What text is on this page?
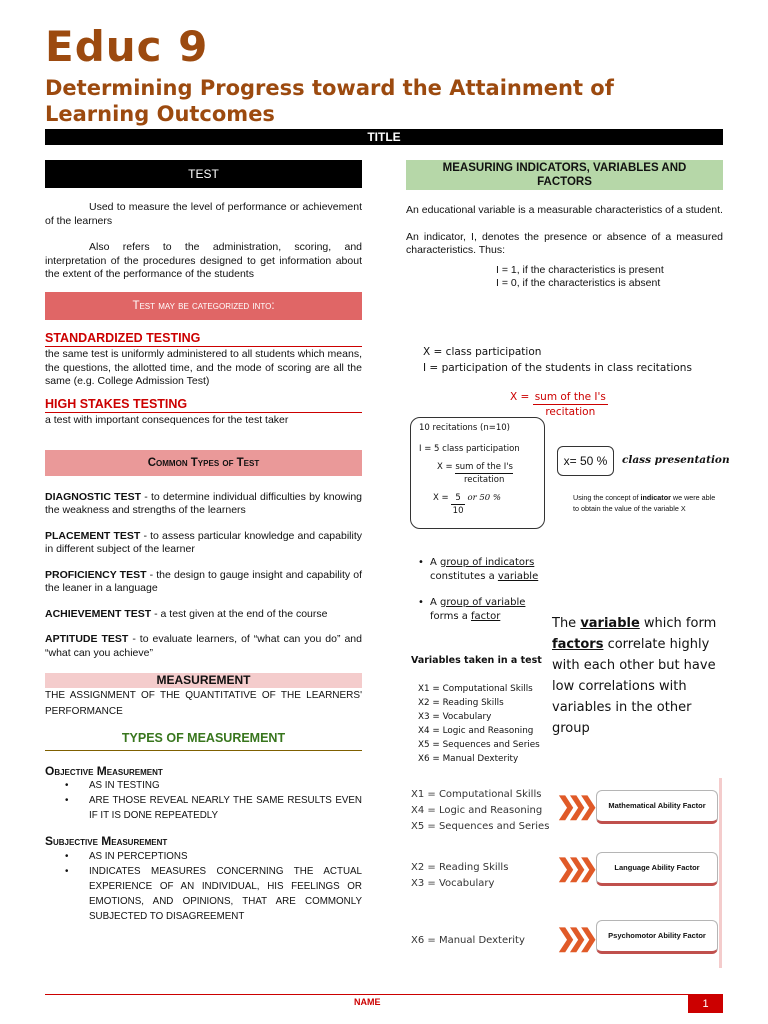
Educ 9
Determining Progress toward the Attainment of Learning Outcomes
TITLE
TEST

Used to measure the level of performance or achievement of the learners

Also refers to the administration, scoring, and interpretation of the procedures designed to get information about the extent of the performance of the students

Test may be categorized into:
STANDARDIZED TESTING

the same test is uniformly administered to all students which means, the questions, the allotted time, and the mode of scoring are all the same (e.g. College Admission Test)

HIGH STAKES TESTING

a test with important consequences for the test taker

Common Types of Test

DIAGNOSTIC TEST - to determine individual difficulties by knowing the weakness and strengths of the learners

PLACEMENT TEST - to assess particular knowledge and capability in different subject of the learner

PROFICIENCY TEST - the design to gauge insight and capability of the leaner in a language

ACHIEVEMENT TEST - a test given at the end of the course

APTITUDE TEST - to evaluate learners, of “what can you do” and “what can you achieve”

MEASUREMENT

THE ASSIGNMENT OF THE QUANTITATIVE OF THE LEARNERS' PERFORMANCE

TYPES OF MEASUREMENT
Objective Measurement
• AS IN TESTING
• ARE THOSE REVEAL NEARLY THE SAME RESULTS EVEN IF IT IS DONE REPEATEDLY
Subjective Measurement
• AS IN PERCEPTIONS
• INDICATES MEASURES CONCERNING THE ACTUAL EXPERIENCE OF AN INDIVIDUAL, HIS FEELINGS OR EMOTIONS, AND OPINIONS, THAT ARE COMMONLY SUBJECTED TO DISAGREEMENT
MEASURING INDICATORS, VARIABLES AND FACTORS

An educational variable is a measurable characteristics of a student.

An indicator, I, denotes the presence or absence of a measured characteristics. Thus:

I = 1, if the characteristics is present

I = 0, if the characteristics is absent

X = class participation
I = participation of the students in class recitations
X = sum of the I's
recitation
10 recitations (n=10)
I = 5 class participation
X = sum of the I's
recitation
$X = \frac{5}{10}$ or 50 %
x= 50 %	class presentation
Using the concept of indicator we were able to obtain the value of the variable X
• A group of indicators constitutes a variable
• A group of variable forms a factor	The variable which form factors correlate highly with each other but have low correlations with variables in the other group
Variables taken in a test
X1 = Computational Skills
X2 = Reading Skills
X3 = Vocabulary
X4 = Logic and Reasoning
X5 = Sequences and Series
X6 = Manual Dexterity
X1 = Computational Skills
X4 = Logic and Reasoning
X5 = Sequences and Series
❯❯❯	Mathematical Ability Factor
X2 = Reading Skills
X3 = Vocabulary
❯❯❯	Language Ability Factor
X6 = Manual Dexterity ❯❯❯	Psychomotor Ability Factor
NAME	1
